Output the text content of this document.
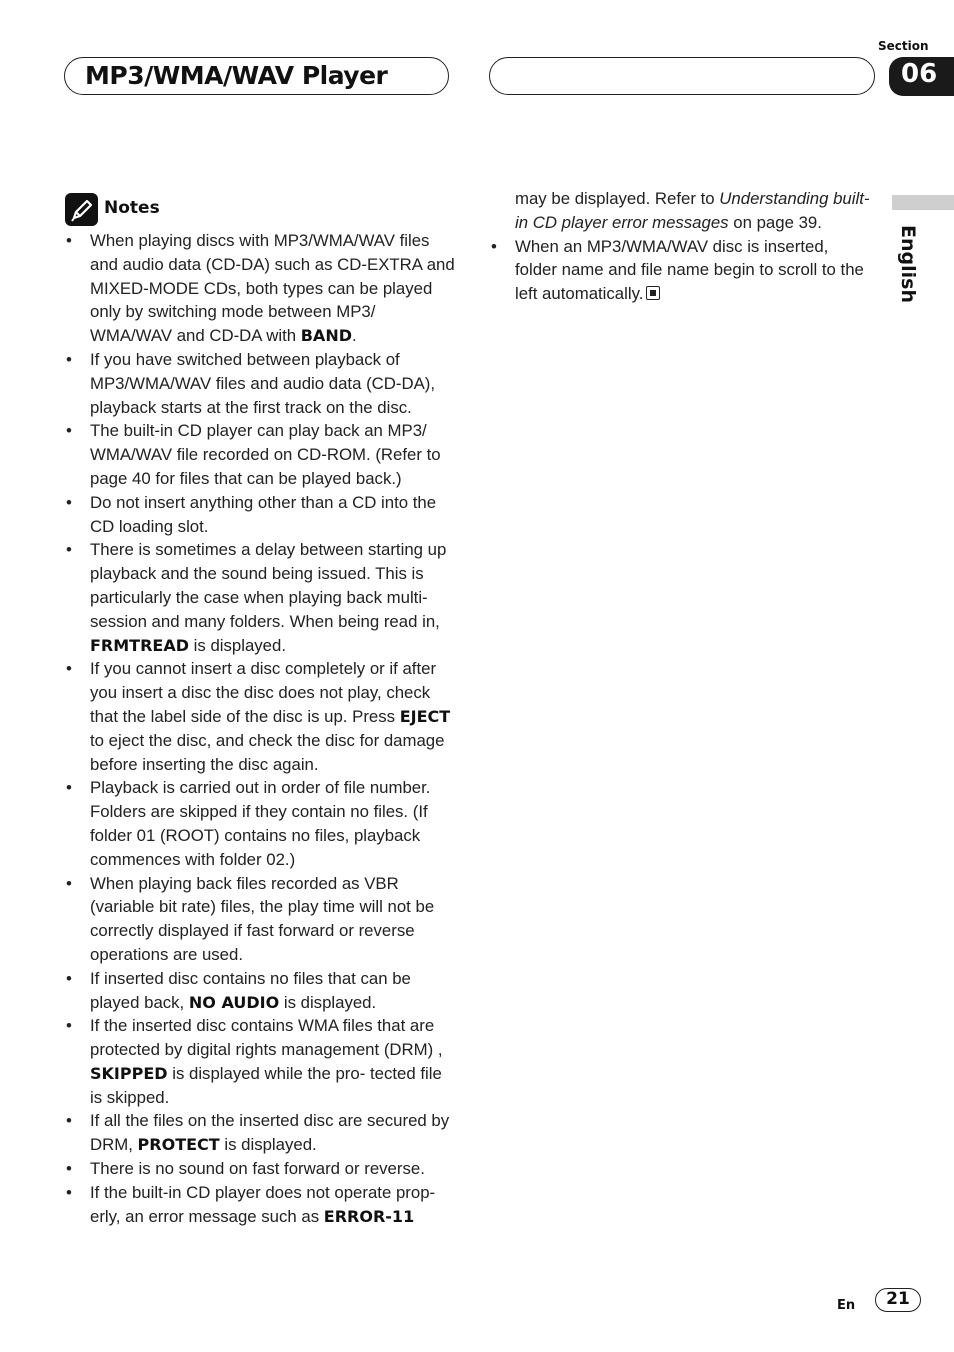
MP3/WMA/WAV Player
Section
06
English
Notes
• When playing discs with MP3/WMA/WAV files and audio data (CD-DA) such as CD-EXTRA and MIXED-MODE CDs, both types can be played only by switching mode between MP3/ WMA/WAV and CD-DA with BAND.
• If you have switched between playback of MP3/WMA/WAV files and audio data (CD-DA), playback starts at the first track on the disc.
• The built-in CD player can play back an MP3/ WMA/WAV file recorded on CD-ROM. (Refer to page 40 for files that can be played back.)
• Do not insert anything other than a CD into the CD loading slot.
• There is sometimes a delay between starting up playback and the sound being issued. This is particularly the case when playing back multi-session and many folders. When being read in, FRMTREAD is displayed.
• If you cannot insert a disc completely or if after you insert a disc the disc does not play, check that the label side of the disc is up. Press EJECT to eject the disc, and check the disc for damage before inserting the disc again.
• Playback is carried out in order of file number. Folders are skipped if they contain no files. (If folder 01 (ROOT) contains no files, playback commences with folder 02.)
• When playing back files recorded as VBR (variable bit rate) files, the play time will not be correctly displayed if fast forward or reverse operations are used.
• If inserted disc contains no files that can be played back, NO AUDIO is displayed.
• If the inserted disc contains WMA files that are protected by digital rights management (DRM) , SKIPPED is displayed while the pro- tected file is skipped.
• If all the files on the inserted disc are secured by DRM, PROTECT is displayed.
• There is no sound on fast forward or reverse.
• If the built-in CD player does not operate prop- erly, an error message such as ERROR-11
may be displayed. Refer to Understanding built-in CD player error messages on page 39.
• When an MP3/WMA/WAV disc is inserted, folder name and file name begin to scroll to the left automatically.
En	21
